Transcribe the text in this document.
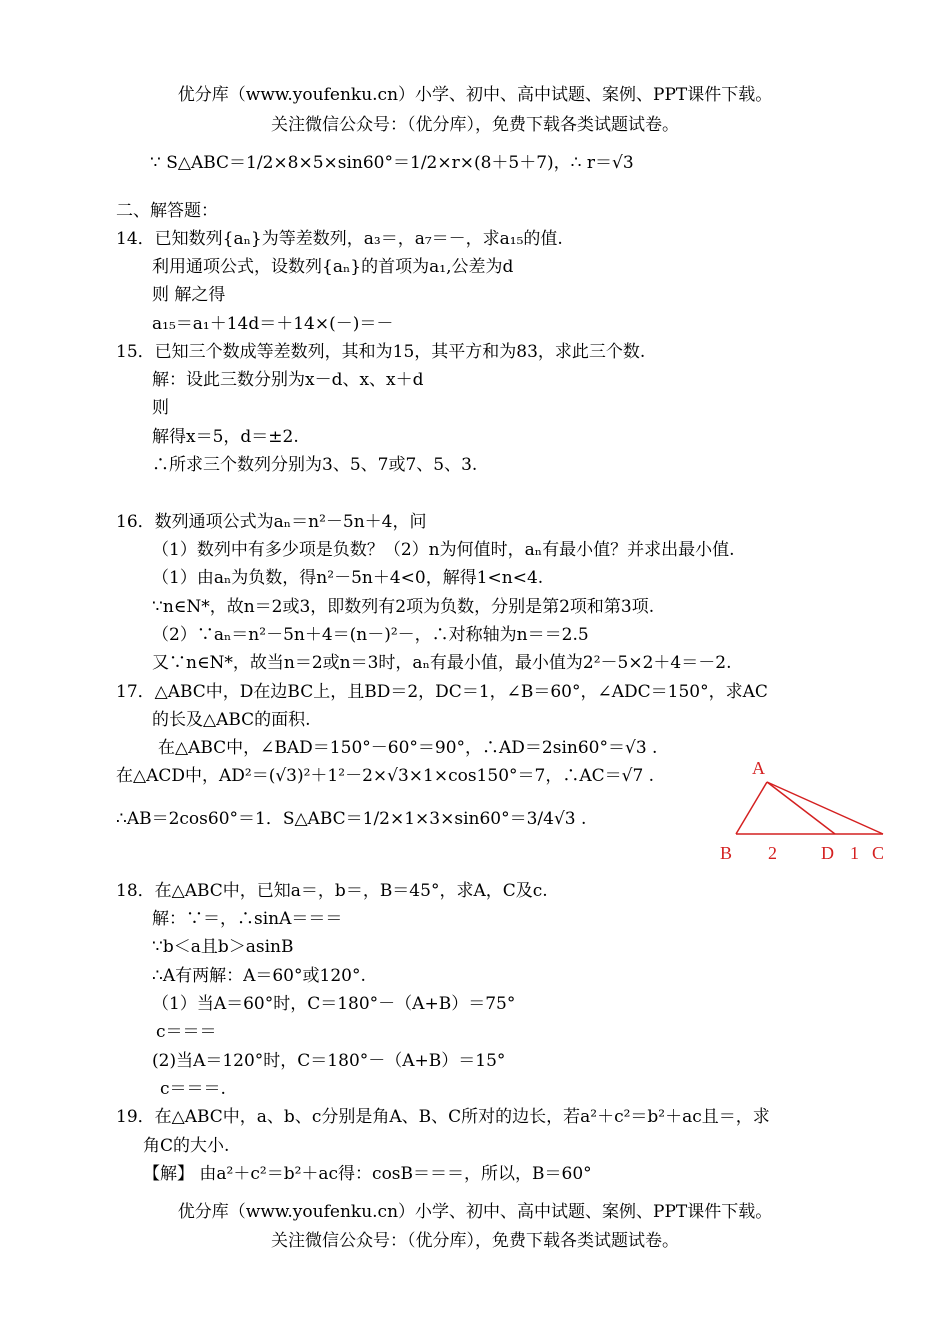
优分库（www.youfenku.cn）小学、初中、高中试题、案例、PPT课件下载。
关注微信公众号：（优分库），免费下载各类试题试卷。
∵ S△ABC＝1/2×8×5×sin60°＝1/2×r×(8＋5＋7)，∴ r＝√3
二、解答题：
14．已知数列{aₙ}为等差数列，a₃＝，a₇＝－，求a₁₅的值.
利用通项公式，设数列{aₙ}的首项为a₁,公差为d
则 解之得
a₁₅＝a₁＋14d＝＋14×(－)＝－
15．已知三个数成等差数列，其和为15，其平方和为83，求此三个数.
解：设此三数分别为x－d、x、x＋d
则
解得x＝5，d＝±2.
∴所求三个数列分别为3、5、7或7、5、3.
16．数列通项公式为aₙ＝n²－5n＋4，问
（1）数列中有多少项是负数？（2）n为何值时，aₙ有最小值？并求出最小值.
（1）由aₙ为负数，得n²－5n＋4<0，解得1<n<4.
∵n∈N*，故n＝2或3，即数列有2项为负数，分别是第2项和第3项.
（2）∵aₙ＝n²－5n＋4＝(n－)²－，∴对称轴为n＝＝2.5
又∵n∈N*，故当n＝2或n＝3时，aₙ有最小值，最小值为2²－5×2＋4＝－2.
17．△ABC中，D在边BC上，且BD＝2，DC＝1，∠B＝60°，∠ADC＝150°，求AC
的长及△ABC的面积.
在△ABC中，∠BAD＝150°－60°＝90°，∴AD＝2sin60°＝√3 .
在△ACD中，AD²＝(√3)²＋1²－2×√3×1×cos150°＝7，∴AC＝√7 .
∴AB＝2cos60°＝1．S△ABC＝1/2×1×3×sin60°＝3/4√3 .
A
B 2 D 1 C
18．在△ABC中，已知a＝，b＝，B＝45°，求A，C及c.
解：∵＝，∴sinA＝＝＝
∵b＜a且b＞asinB
∴A有两解：A＝60°或120°.
（1）当A＝60°时，C＝180°－（A+B）＝75°
c＝＝＝
(2)当A＝120°时，C＝180°－（A+B）＝15°
c＝＝＝.
19．在△ABC中，a、b、c分别是角A、B、C所对的边长，若a²＋c²＝b²＋ac且＝，求
角C的大小.
【解】 由a²＋c²＝b²＋ac得：cosB＝＝＝，所以，B＝60°
优分库（www.youfenku.cn）小学、初中、高中试题、案例、PPT课件下载。
关注微信公众号：（优分库），免费下载各类试题试卷。
